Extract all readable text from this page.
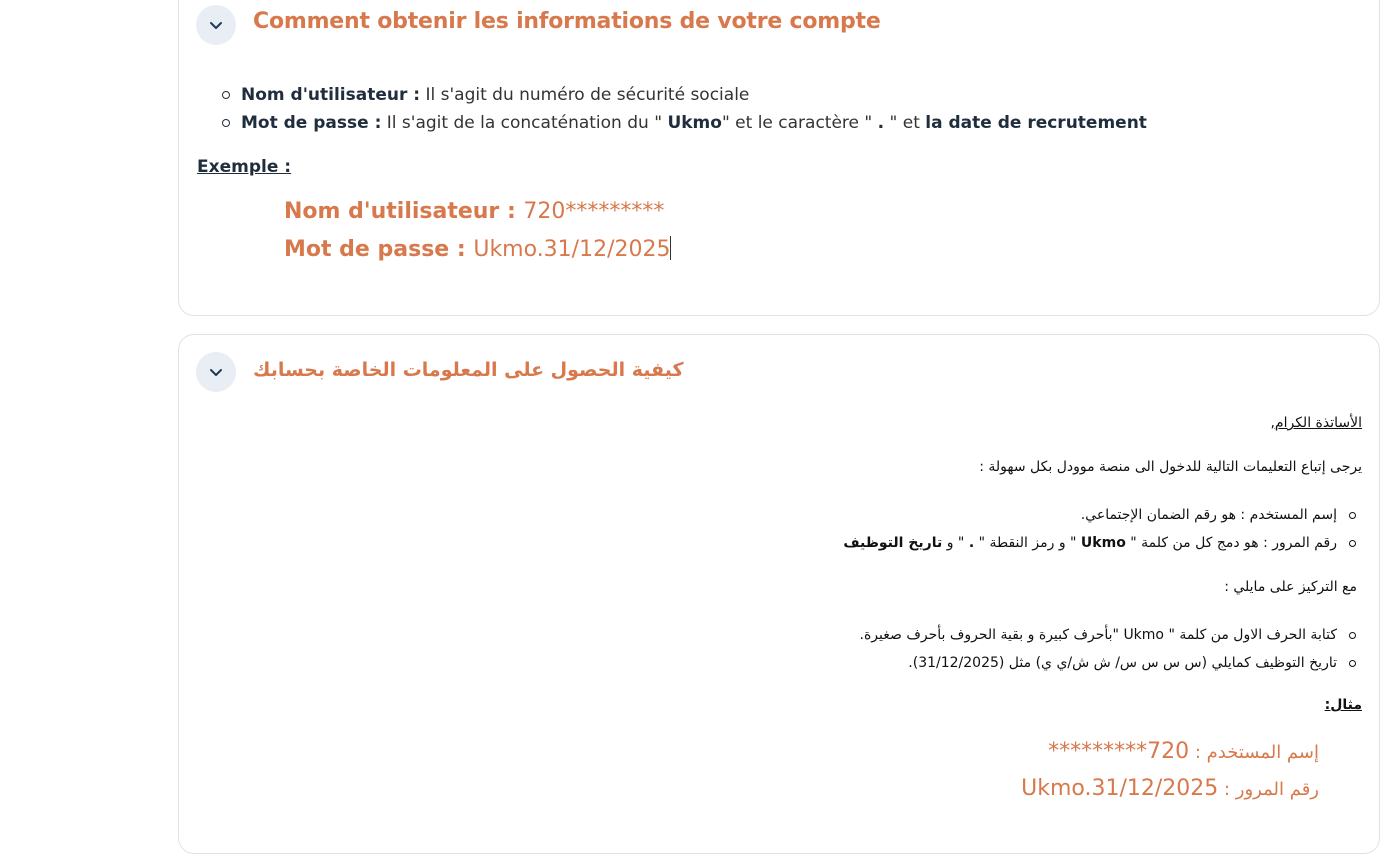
Comment obtenir les informations de votre compte
Nom d'utilisateur : Il s'agit du numéro de sécurité sociale
Mot de passe : Il s'agit de la concaténation du " Ukmo" et le caractère " . " et la date de recrutement
Exemple :
Nom d'utilisateur : 720*********
Mot de passe : Ukmo.31/12/2025
كيفية الحصول على المعلومات الخاصة بحسابك
الأساتذة الكرام,
يرجى إتباع التعليمات التالية للدخول الى منصة موودل بكل سهولة :
إسم المستخدم : هو رقم الضمان الإجتماعي.
رقم المرور : هو دمج كل من كلمة " Ukmo " و رمز النقطة " . " و تاريخ التوظيف
مع التركيز على مايلي :
كتابة الحرف الاول من كلمة " Ukmo "بأحرف كبيرة و بقية الحروف بأحرف صغيرة.
تاريخ التوظيف كمايلي (س س س س/ ش ش/ي ي) مثل (31/12/2025).
مثال:
إسم المستخدم : 720*********
رقم المرور : Ukmo.31/12/2025
